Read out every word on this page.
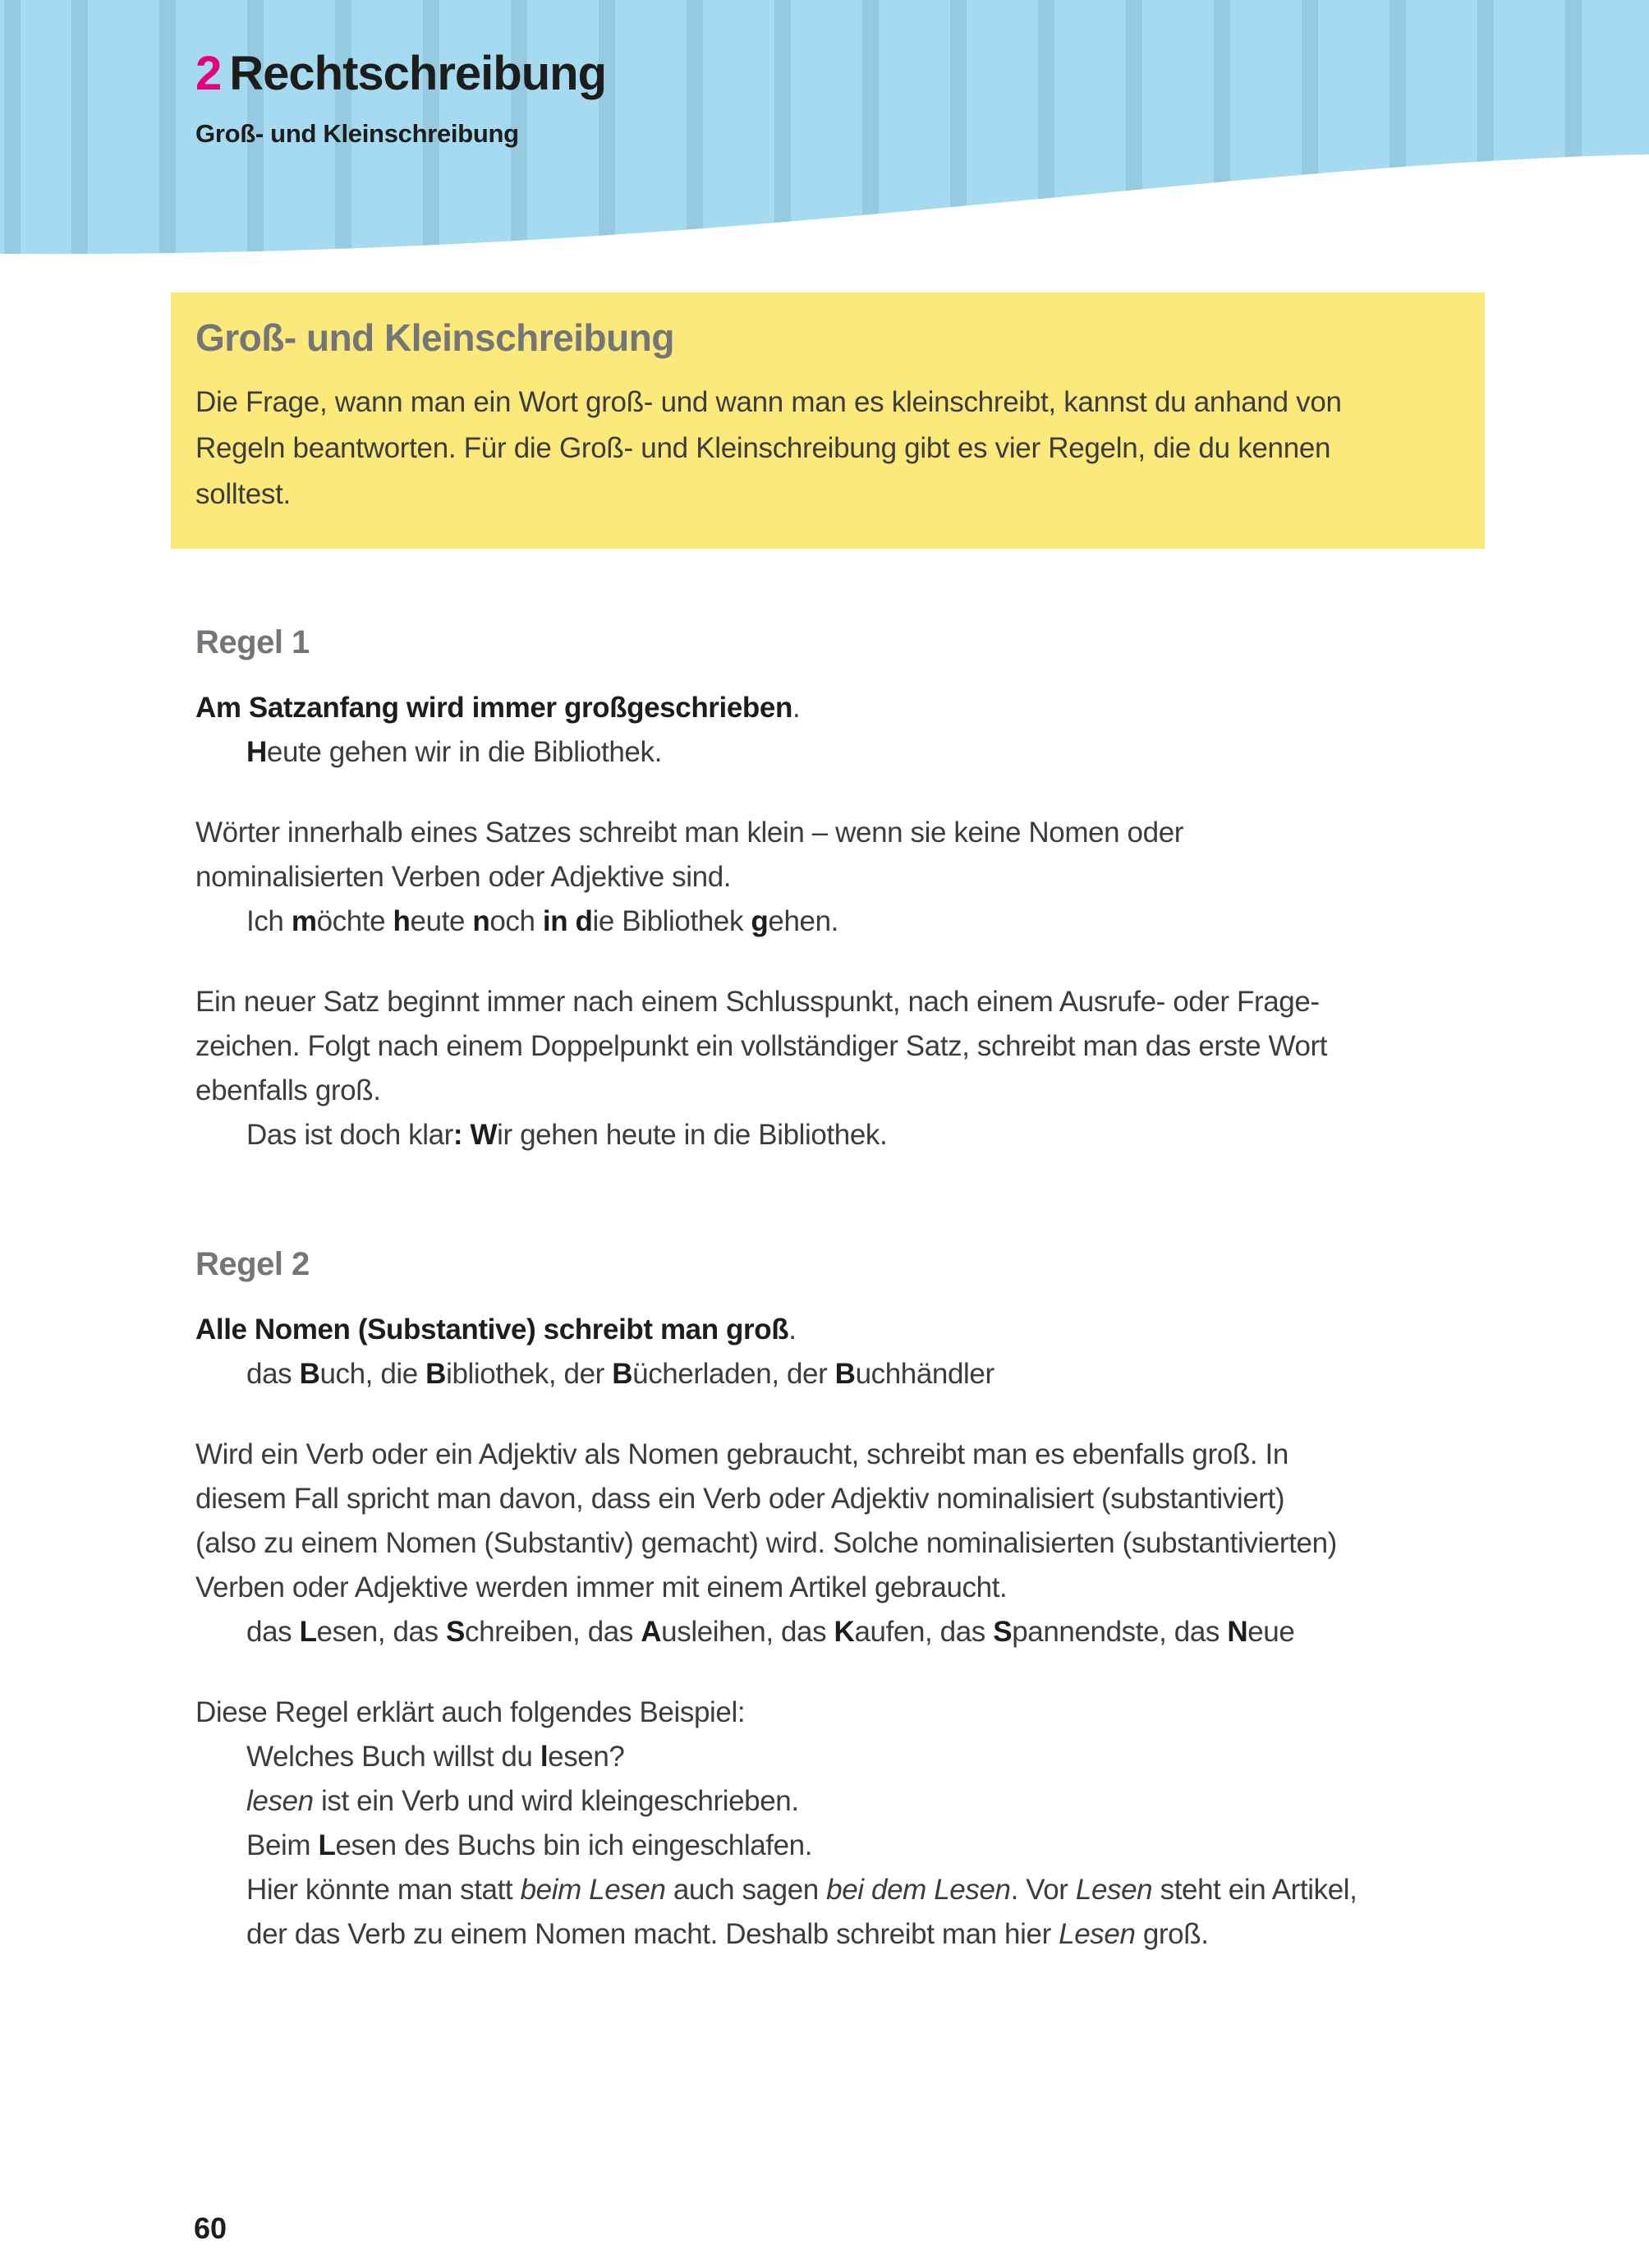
2 Rechtschreibung
Groß- und Kleinschreibung
Groß- und Kleinschreibung
Die Frage, wann man ein Wort groß- und wann man es kleinschreibt, kannst du anhand von
Regeln beantworten. Für die Groß- und Kleinschreibung gibt es vier Regeln, die du kennen
solltest.
Regel 1
Am Satzanfang wird immer großgeschrieben.
Heute gehen wir in die Bibliothek.
Wörter innerhalb eines Satzes schreibt man klein – wenn sie keine Nomen oder
nominalisierten Verben oder Adjektive sind.
Ich möchte heute noch in die Bibliothek gehen.
Ein neuer Satz beginnt immer nach einem Schlusspunkt, nach einem Ausrufe- oder Frage-
zeichen. Folgt nach einem Doppelpunkt ein vollständiger Satz, schreibt man das erste Wort
ebenfalls groß.
Das ist doch klar: Wir gehen heute in die Bibliothek.
Regel 2
Alle Nomen (Substantive) schreibt man groß.
das Buch, die Bibliothek, der Bücherladen, der Buchhändler
Wird ein Verb oder ein Adjektiv als Nomen gebraucht, schreibt man es ebenfalls groß. In
diesem Fall spricht man davon, dass ein Verb oder Adjektiv nominalisiert (substantiviert)
(also zu einem Nomen (Substantiv) gemacht) wird. Solche nominalisierten (substantivierten)
Verben oder Adjektive werden immer mit einem Artikel gebraucht.
das Lesen, das Schreiben, das Ausleihen, das Kaufen, das Spannendste, das Neue
Diese Regel erklärt auch folgendes Beispiel:
Welches Buch willst du lesen?
lesen ist ein Verb und wird kleingeschrieben.
Beim Lesen des Buchs bin ich eingeschlafen.
Hier könnte man statt beim Lesen auch sagen bei dem Lesen. Vor Lesen steht ein Artikel,
der das Verb zu einem Nomen macht. Deshalb schreibt man hier Lesen groß.
60
